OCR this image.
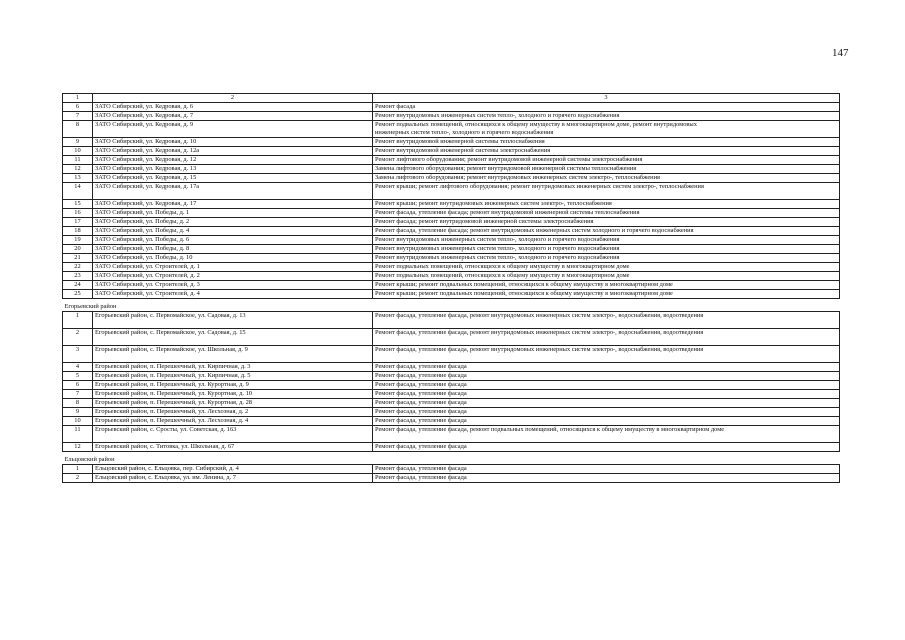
147
1	2	3
6	ЗАТО Сибирский, ул. Кедровая, д. 6	Ремонт фасада

7	ЗАТО Сибирский, ул. Кедровая, д. 7	Ремонт внутридомовых инженерных систем тепло-, холодного и горячего водоснабжения

8	ЗАТО Сибирский, ул. Кедровая, д. 9	Ремонт подвальных помещений, относящихся к общему имуществу в многоквартирном доме, ремонт внутридомовых
инженерных систем тепло-, холодного и горячего водоснабжения

9	ЗАТО Сибирский, ул. Кедровая, д. 10	Ремонт внутридомовой инженерной системы теплоснабжения

10	ЗАТО Сибирский, ул. Кедровая, д. 12а	Ремонт внутридомовой инженерной системы электроснабжения

11	ЗАТО Сибирский, ул. Кедровая, д. 12	Ремонт лифтового оборудования; ремонт внутридомовой инженерной системы электроснабжения

12	ЗАТО Сибирский, ул. Кедровая, д. 13	Замена лифтового оборудования; ремонт внутридомовой инженерной системы теплоснабжения

13	ЗАТО Сибирский, ул. Кедровая, д. 15	Замена лифтового оборудования; ремонт внутридомовых инженерных систем электро-, теплоснабжения

14	ЗАТО Сибирский, ул. Кедровая, д. 17а	Ремонт крыши; ремонт лифтового оборудования; ремонт внутридомовых инженерных систем электро-, теплоснабжения

15	ЗАТО Сибирский, ул. Кедровая, д. 17	Ремонт крыши; ремонт внутридомовых инженерных систем электро-, теплоснабжения

16	ЗАТО Сибирский, ул. Победы, д. 1	Ремонт фасада, утепление фасада; ремонт внутридомовой инженерной системы теплоснабжения

17	ЗАТО Сибирский, ул. Победы, д. 2	Ремонт фасада; ремонт внутридомовой инженерной системы электроснабжения

18	ЗАТО Сибирский, ул. Победы, д. 4	Ремонт фасада, утепление фасада; ремонт внутридомовых инженерных систем холодного и горячего водоснабжения

19	ЗАТО Сибирский, ул. Победы, д. 6	Ремонт внутридомовых инженерных систем тепло-, холодного и горячего водоснабжения

20	ЗАТО Сибирский, ул. Победы, д. 8	Ремонт внутридомовых инженерных систем тепло-, холодного и горячего водоснабжения

21	ЗАТО Сибирский, ул. Победы, д. 10	Ремонт внутридомовых инженерных систем тепло-, холодного и горячего водоснабжения

22	ЗАТО Сибирский, ул. Строителей, д. 1	Ремонт подвальных помещений, относящихся к общему имуществу в многоквартирном доме

23	ЗАТО Сибирский, ул. Строителей, д. 2	Ремонт подвальных помещений, относящихся к общему имуществу в многоквартирном доме

24	ЗАТО Сибирский, ул. Строителей, д. 3	Ремонт крыши; ремонт подвальных помещений, относящихся к общему имуществу в многоквартирном доме

25	ЗАТО Сибирский, ул. Строителей, д. 4	Ремонт крыши; ремонт подвальных помещений, относящихся к общему имуществу в многоквартирном доме

Егорьевский район		
1	Егорьевский район, с. Первомайское, ул. Садовая, д. 13	Ремонт фасада, утепление фасада, ремонт внутридомовых инженерных систем электро-, водоснабжения, водоотведения

2	Егорьевский район, с. Первомайское, ул. Садовая, д. 15	Ремонт фасада, утепление фасада, ремонт внутридомовых инженерных систем электро-, водоснабжения, водоотведения

3	Егорьевский район, с. Первомайское, ул. Школьная, д. 9	Ремонт фасада, утепление фасада, ремонт внутридомовых инженерных систем электро-, водоснабжения, водоотведения

4	Егорьевский район, п. Перешеечный, ул. Кирпичная, д. 3	Ремонт фасада, утепление фасада

5	Егорьевский район, п. Перешеечный, ул. Кирпичная, д. 5	Ремонт фасада, утепление фасада

6	Егорьевский район, п. Перешеечный, ул. Курортная, д. 9	Ремонт фасада, утепление фасада

7	Егорьевский район, п. Перешеечный, ул. Курортная, д. 10	Ремонт фасада, утепление фасада

8	Егорьевский район, п. Перешеечный, ул. Курортная, д. 28	Ремонт фасада, утепление фасада

9	Егорьевский район, п. Перешеечный, ул. Лесхозная, д. 2	Ремонт фасада, утепление фасада

10	Егорьевский район, п. Перешеечный, ул. Лесхозная, д. 4	Ремонт фасада, утепление фасада

11	Егорьевский район, с. Сросты, ул. Советская, д. 163	Ремонт фасада, утепление фасада, ремонт подвальных помещений, относящихся к общему имуществу в многоквартирном доме

12	Егорьевский район, с. Титовка, ул. Школьная, д. 67	Ремонт фасада, утепление фасада

Ельцовский район		
1	Ельцовский район, с. Ельцовка, пер. Сибирский, д. 4	Ремонт фасада, утепление фасада

2	Ельцовский район, с. Ельцовка, ул. им. Ленина, д. 7	Ремонт фасада, утепление фасада
